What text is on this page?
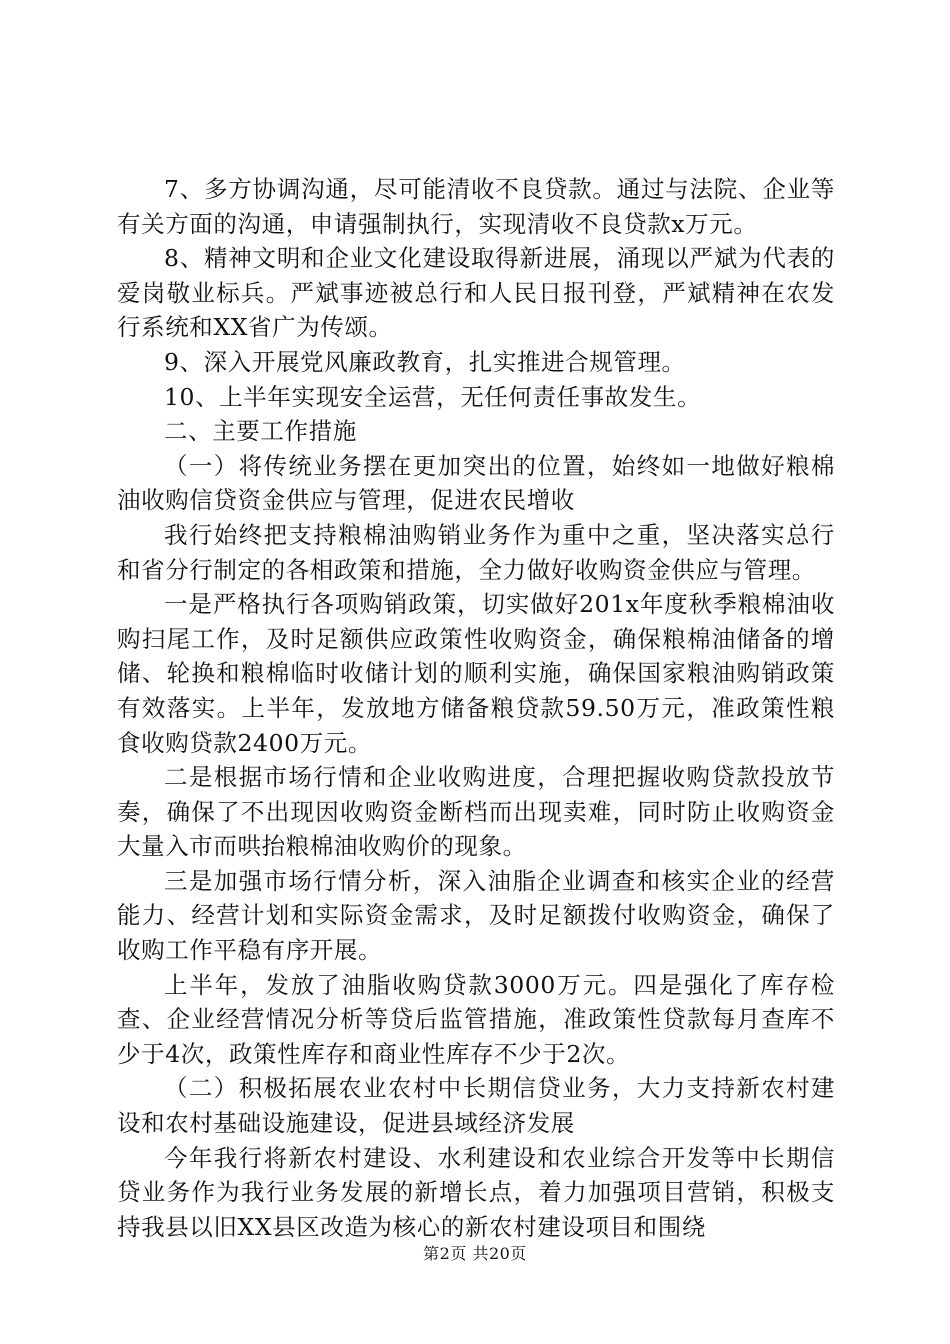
7、多方协调沟通，尽可能清收不良贷款。通过与法院、企业等有关方面的沟通，申请强制执行，实现清收不良贷款x万元。

8、精神文明和企业文化建设取得新进展，涌现以严斌为代表的爱岗敬业标兵。严斌事迹被总行和人民日报刊登，严斌精神在农发行系统和XX省广为传颂。

9、深入开展党风廉政教育，扎实推进合规管理。

10、上半年实现安全运营，无任何责任事故发生。

二、主要工作措施

（一）将传统业务摆在更加突出的位置，始终如一地做好粮棉油收购信贷资金供应与管理，促进农民增收

我行始终把支持粮棉油购销业务作为重中之重，坚决落实总行和省分行制定的各相政策和措施，全力做好收购资金供应与管理。

一是严格执行各项购销政策，切实做好201x年度秋季粮棉油收购扫尾工作，及时足额供应政策性收购资金，确保粮棉油储备的增储、轮换和粮棉临时收储计划的顺利实施，确保国家粮油购销政策有效落实。上半年，发放地方储备粮贷款59.50万元，准政策性粮食收购贷款2400万元。

二是根据市场行情和企业收购进度，合理把握收购贷款投放节奏，确保了不出现因收购资金断档而出现卖难，同时防止收购资金大量入市而哄抬粮棉油收购价的现象。

三是加强市场行情分析，深入油脂企业调查和核实企业的经营能力、经营计划和实际资金需求，及时足额拨付收购资金，确保了收购工作平稳有序开展。

上半年，发放了油脂收购贷款3000万元。四是强化了库存检查、企业经营情况分析等贷后监管措施，准政策性贷款每月查库不少于4次，政策性库存和商业性库存不少于2次。

（二）积极拓展农业农村中长期信贷业务，大力支持新农村建设和农村基础设施建设，促进县域经济发展

今年我行将新农村建设、水利建设和农业综合开发等中长期信贷业务作为我行业务发展的新增长点，着力加强项目营销，积极支持我县以旧XX县区改造为核心的新农村建设项目和围绕

第2页 共20页
